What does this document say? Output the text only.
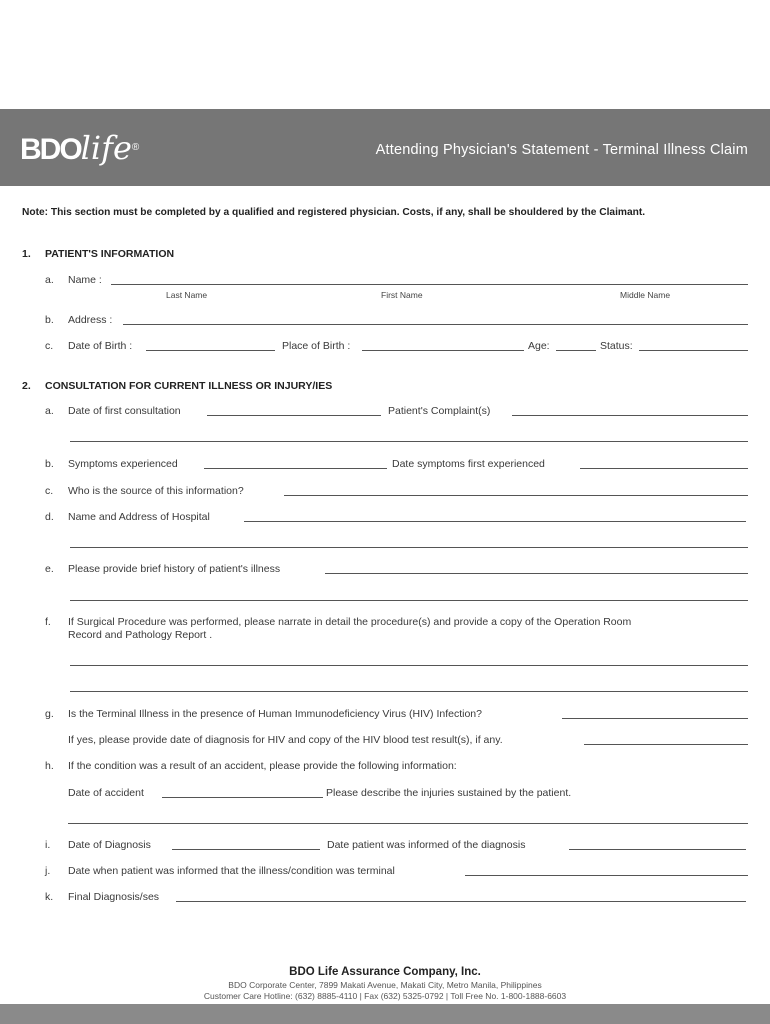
BDOlife®	Attending Physician's Statement - Terminal Illness Claim
Note: This section must be completed by a qualified and registered physician. Costs, if any, shall be shouldered by the Claimant.
1. PATIENT'S INFORMATION
a. Name :
Last Name	First Name	Middle Name
b. Address :
c. Date of Birth :	Place of Birth :	Age:	Status:
2. CONSULTATION FOR CURRENT ILLNESS OR INJURY/IES
a. Date of first consultation	Patient's Complaint(s)
b. Symptoms experienced	Date symptoms first experienced
c. Who is the source of this information?
d. Name and Address of Hospital
e. Please provide brief history of patient's illness
f. If Surgical Procedure was performed, please narrate in detail the procedure(s) and provide a copy of the Operation Room
Record and Pathology Report .
g. Is the Terminal Illness in the presence of Human Immunodeficiency Virus (HIV) Infection?
If yes, please provide date of diagnosis for HIV and copy of the HIV blood test result(s), if any.
h. If the condition was a result of an accident, please provide the following information:
Date of accident	Please describe the injuries sustained by the patient.
i. Date of Diagnosis	Date patient was informed of the diagnosis
j. Date when patient was informed that the illness/condition was terminal
k. Final Diagnosis/ses
BDO Life Assurance Company, Inc.
BDO Corporate Center, 7899 Makati Avenue, Makati City, Metro Manila, Philippines
Customer Care Hotline: (632) 8885-4110 | Fax (632) 5325-0792 | Toll Free No. 1-800-1888-6603
